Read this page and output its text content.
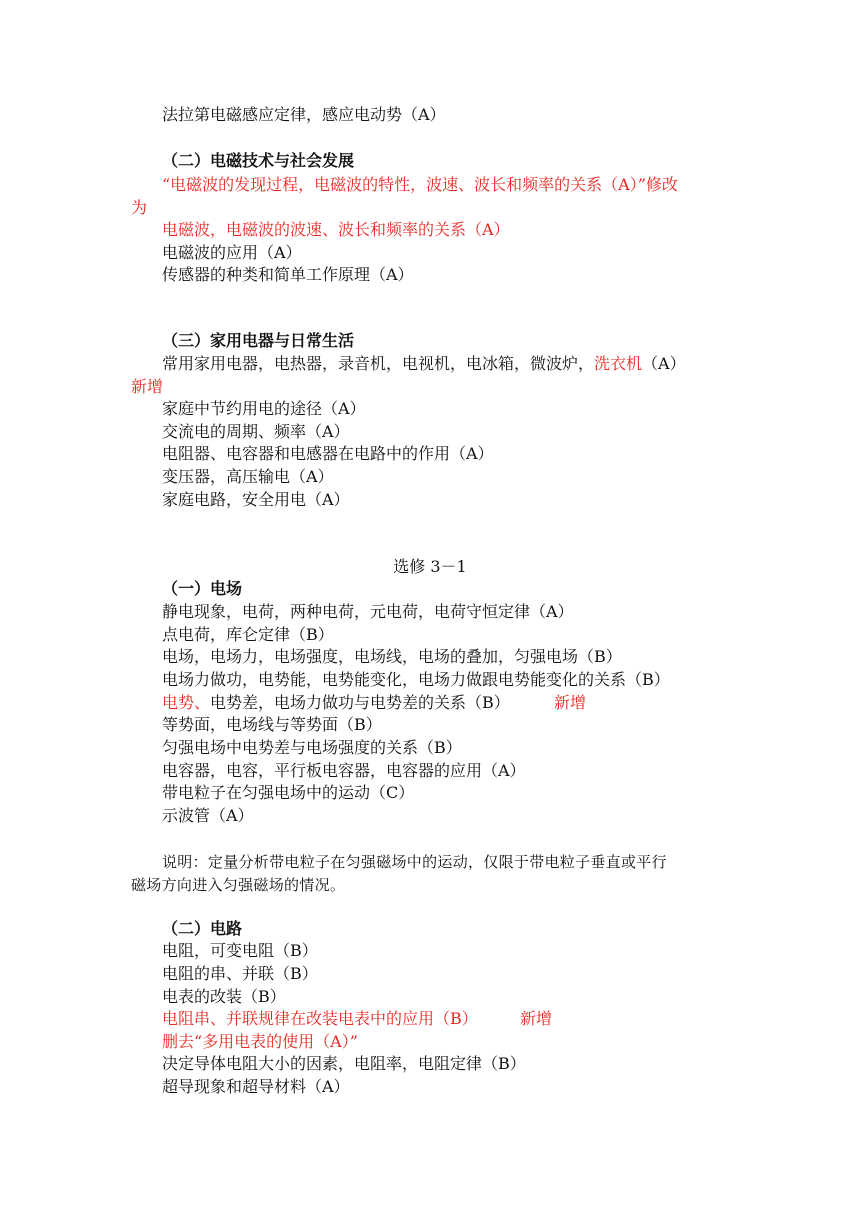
法拉第电磁感应定律，感应电动势（A）
（二）电磁技术与社会发展
“电磁波的发现过程，电磁波的特性，波速、波长和频率的关系（A）”修改
为
电磁波，电磁波的波速、波长和频率的关系（A）
电磁波的应用（A）
传感器的种类和简单工作原理（A）
（三）家用电器与日常生活
常用家用电器，电热器，录音机，电视机，电冰箱，微波炉，洗衣机（A）
新增
家庭中节约用电的途径（A）
交流电的周期、频率（A）
电阻器、电容器和电感器在电路中的作用（A）
变压器，高压输电（A）
家庭电路，安全用电（A）
选修 3－1
（一）电场
静电现象，电荷，两种电荷，元电荷，电荷守恒定律（A）
点电荷，库仑定律（B）
电场，电场力，电场强度，电场线，电场的叠加，匀强电场（B）
电场力做功，电势能，电势能变化，电场力做跟电势能变化的关系（B）
电势、电势差，电场力做功与电势差的关系（B）	新增
等势面，电场线与等势面（B）
匀强电场中电势差与电场强度的关系（B）
电容器，电容，平行板电容器，电容器的应用（A）
带电粒子在匀强电场中的运动（C）
示波管（A）
说明：定量分析带电粒子在匀强磁场中的运动，仅限于带电粒子垂直或平行
磁场方向进入匀强磁场的情况。
（二）电路
电阻，可变电阻（B）
电阻的串、并联（B）
电表的改装（B）
电阻串、并联规律在改装电表中的应用（B）	新增
删去“多用电表的使用（A）”
决定导体电阻大小的因素，电阻率，电阻定律（B）
超导现象和超导材料（A）
